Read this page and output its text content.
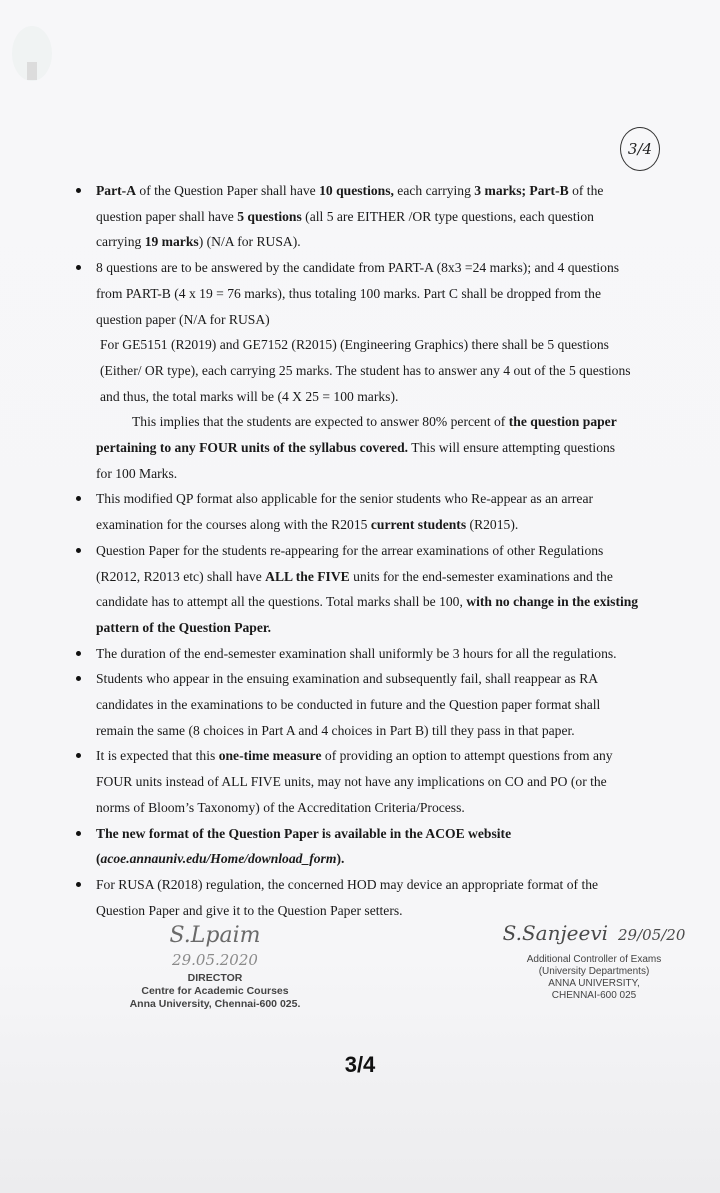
3/4

Part-A of the Question Paper shall have 10 questions, each carrying 3 marks; Part-B of the

question paper shall have 5 questions (all 5 are EITHER /OR type questions, each question

carrying 19 marks) (N/A for RUSA).

8 questions are to be answered by the candidate from PART-A (8x3 =24 marks); and 4 questions

from PART-B (4 x 19 = 76 marks), thus totaling 100 marks. Part C shall be dropped from the

question paper (N/A for RUSA)

For GE5151 (R2019) and GE7152 (R2015) (Engineering Graphics) there shall be 5 questions

(Either/ OR type), each carrying 25 marks. The student has to answer any 4 out of the 5 questions

and thus, the total marks will be (4 X 25 = 100 marks).

This implies that the students are expected to answer 80% percent of the question paper

pertaining to any FOUR units of the syllabus covered. This will ensure attempting questions

for 100 Marks.

This modified QP format also applicable for the senior students who Re-appear as an arrear

examination for the courses along with the R2015 current students (R2015).

Question Paper for the students re-appearing for the arrear examinations of other Regulations

(R2012, R2013 etc) shall have ALL the FIVE units for the end-semester examinations and the

candidate has to attempt all the questions. Total marks shall be 100, with no change in the existing

pattern of the Question Paper.

The duration of the end-semester examination shall uniformly be 3 hours for all the regulations.

Students who appear in the ensuing examination and subsequently fail, shall reappear as RA

candidates in the examinations to be conducted in future and the Question paper format shall

remain the same (8 choices in Part A and 4 choices in Part B) till they pass in that paper.

It is expected that this one-time measure of providing an option to attempt questions from any

FOUR units instead of ALL FIVE units, may not have any implications on CO and PO (or the

norms of Bloom’s Taxonomy) of the Accreditation Criteria/Process.

The new format of the Question Paper is available in the ACOE website

(acoe.annauniv.edu/Home/download_form).

For RUSA (R2018) regulation, the concerned HOD may device an appropriate format of the

Question Paper and give it to the Question Paper setters.

S.Lpaim
29.05.2020
DIRECTOR
Centre for Academic Courses
Anna University, Chennai-600 025.
S.Sanjeevi 29/05/20
Additional Controller of Exams
(University Departments)
ANNA UNIVERSITY,
CHENNAI-600 025
3/4
